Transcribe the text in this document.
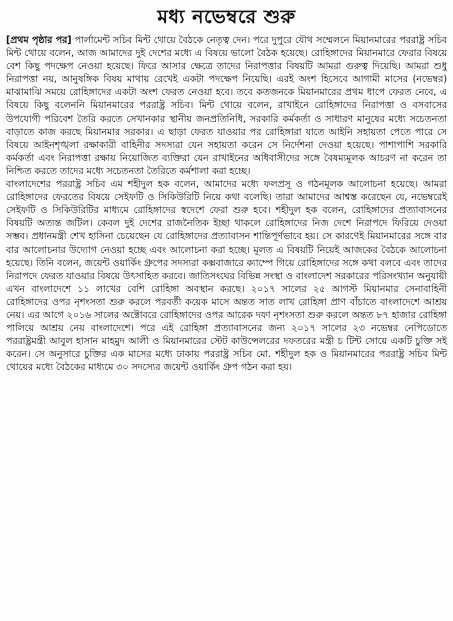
মধ্য নভেম্বরে শুরু

[প্রথম পৃষ্ঠার পর] পার্লামেন্ট সচিব মিন্ট থোয়ে বৈঠকে নেতৃত্ব দেন। পরে দুপুরে যৌথ সম্মেলনে মিয়ানমারের পররাষ্ট্র সচিব মিন্ট থোয়ে বলেন, আজ আমাদের দুই দেশের মধ্যে এ বিষয়ে ভালো বৈঠক হয়েছে। রোহিঙ্গাদের মিয়ানমারে ফেরার বিষয়ে বেশ কিছু পদক্ষেপ নেওয়া হয়েছে। ফিরে আসার ক্ষেত্রে তাদের নিরাপত্তার বিষয়টি আমরা গুরুত্ব দিয়েছি। আমরা শুধু নিরাপত্তা নয়, আনুষঙ্গিক বিষয় মাথায় রেখেই একটা পদক্ষেপ নিয়েছি। এরই অংশ হিসেবে আগামী মাসের (নভেম্বর) মাঝামাঝি সময়ে রোহিঙ্গাদের একটা অংশ ফেরত নেওয়া হবে। তবে কতজনকে মিয়ানমারের প্রথম ধাপে ফেরত নেবে, এ বিষয়ে কিছু বলেননি মিয়ানমারের পররাষ্ট্র সচিব। মিন্ট থোয়ে বলেন, রাখাইনে রোহিঙ্গাদের নিরাপত্তা ও বসবাসের উপযোগী পরিবেশ তৈরি করতে সেখানকার স্থানীয় জনপ্রতিনিধি, সরকারি কর্মকর্তা ও সাধারণ মানুষের মধ্যে সচেতনতা বাড়াতে কাজ করছে মিয়ানমার সরকার। এ ছাড়া ফেরত যাওয়ার পর রোহিঙ্গারা যাতে আইনি সহায়তা পেতে পারে সে বিষয়ে আইনশৃঙ্খলা রক্ষাকারী বাহিনীর সদস্যরা যেন সহায়তা করেন সে নির্দেশনা দেওয়া হয়েছে। পাশাপাশি সরকারি কর্মকর্তা এবং নিরাপত্তা রক্ষায় নিয়োজিত ব্যক্তিরা যেন রাখাইনের অধিবাসীদের সঙ্গে বৈষম্যমূলক আচরণ না করেন তা নিশ্চিত করতে তাদের মধ্যে সচেতনতা তৈরিতে কর্মশালা করা হচ্ছে।

বাংলাদেশের পররাষ্ট্র সচিব এম শহীদুল হক বলেন, আমাদের মধ্যে ফলপ্রসূ ও গঠনমূলক আলোচনা হয়েছে। আমরা রোহিঙ্গাদের ফেরতের বিষয়ে সেইফটি ও সিকিউরিটি নিয়ে কথা বলেছি। তারা আমাদের আশ্বস্ত করেছেন যে, নভেম্বরেই সেইফটি ও সিকিউরিটির মাধ্যমে রোহিঙ্গাদের স্বদেশে ফেরা শুরু হবে। শহীদুল হক বলেন, রোহিঙ্গাদের প্রত্যাবাসনের বিষয়টি অত্যন্ত জটিল। কেবল দুই দেশের রাজনৈতিক ইচ্ছা থাকলে রোহিঙ্গাদের নিজ দেশে নিরাপদে ফিরিয়ে দেওয়া সম্ভব। প্রধানমন্ত্রী শেখ হাসিনা চেয়েছেন যে রোহিঙ্গাদের প্রত্যাবাসন শান্তিপূর্ণভাবে হয়। সে কারণেই মিয়ানমারের সঙ্গে বার বার আলোচনার উদ্যোগ নেওয়া হচ্ছে এবং আলোচনা করা হচ্ছে। মূলত এ বিষয়টি নিয়েই আজকের বৈঠকে আলোচনা হয়েছে। তিনি বলেন, জয়েন্ট ওয়ার্কিং গ্রুপের সদস্যরা কক্সবাজারে ক্যাম্পে গিয়ে রোহিঙ্গাদের সঙ্গে কথা বলবে এবং তাদের নিরাপদে ফেরত যাওয়ার বিষয়ে উৎসাহিত করবে। জাতিসংঘের বিভিন্ন সংস্থা ও বাংলাদেশ সরকারের পরিসংখ্যান অনুযায়ী এখন বাংলাদেশে ১১ লাখের বেশি রোহিঙ্গা অবস্থান করছে। ২০১৭ সালের ২৫ আগস্ট মিয়ানমার সেনাবাহিনী রোহিঙ্গাদের ওপর নৃশংসতা শুরু করলে পরবর্তী কয়েক মাসে অন্তত সাত লাখ রোহিঙ্গা প্রাণ বাঁচাতে বাংলাদেশে আশ্রয় নেয়। এর আগে ২০১৬ সালের অক্টোবরে রোহিঙ্গাদের ওপর আরেক দফা নৃশংসতা শুরু করলে অন্তত ৮৭ হাজার রোহিঙ্গা পালিয়ে আশ্রয় নেয় বাংলাদেশে। পরে এই রোহিঙ্গা প্রত্যাবাসনের জন্য ২০১৭ সালের ২৩ নভেম্বর নেপিডোতে পররাষ্ট্রমন্ত্রী আবুল হাসান মাহমুদ আলী ও মিয়ানমারের স্টেট কাউন্সেলরের দফতরের মন্ত্রী চ টিন্ট সোয়ে একটি চুক্তি সই করেন। সে অনুসারে চুক্তির এক মাসের মধ্যে ঢাকায় পররাষ্ট্র সচিব মো. শহীদুল হক ও মিয়ানমারের পররাষ্ট্র সচিব মিন্ট থোয়ের মধ্যে বৈঠকের মাধ্যমে ৩০ সদস্যের জয়েন্ট ওয়ার্কিং গ্রুপ গঠন করা হয়।
